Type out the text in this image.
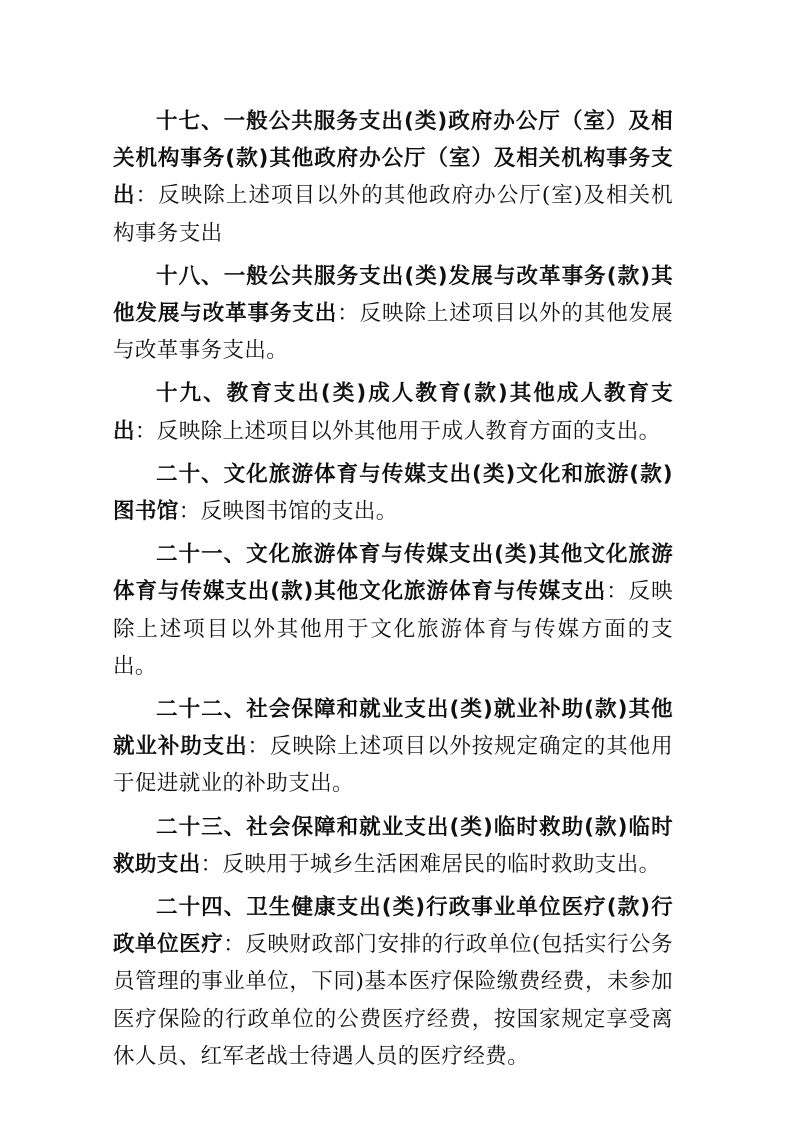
十七、一般公共服务支出(类)政府办公厅（室）及相关机构事务(款)其他政府办公厅（室）及相关机构事务支出：反映除上述项目以外的其他政府办公厅(室)及相关机构事务支出

十八、一般公共服务支出(类)发展与改革事务(款)其他发展与改革事务支出：反映除上述项目以外的其他发展与改革事务支出。

十九、教育支出(类)成人教育(款)其他成人教育支出：反映除上述项目以外其他用于成人教育方面的支出。

二十、文化旅游体育与传媒支出(类)文化和旅游(款)图书馆：反映图书馆的支出。

二十一、文化旅游体育与传媒支出(类)其他文化旅游体育与传媒支出(款)其他文化旅游体育与传媒支出：反映除上述项目以外其他用于文化旅游体育与传媒方面的支出。

二十二、社会保障和就业支出(类)就业补助(款)其他就业补助支出：反映除上述项目以外按规定确定的其他用于促进就业的补助支出。

二十三、社会保障和就业支出(类)临时救助(款)临时救助支出：反映用于城乡生活困难居民的临时救助支出。

二十四、卫生健康支出(类)行政事业单位医疗(款)行政单位医疗：反映财政部门安排的行政单位(包括实行公务员管理的事业单位，下同)基本医疗保险缴费经费，未参加医疗保险的行政单位的公费医疗经费，按国家规定享受离休人员、红军老战士待遇人员的医疗经费。
